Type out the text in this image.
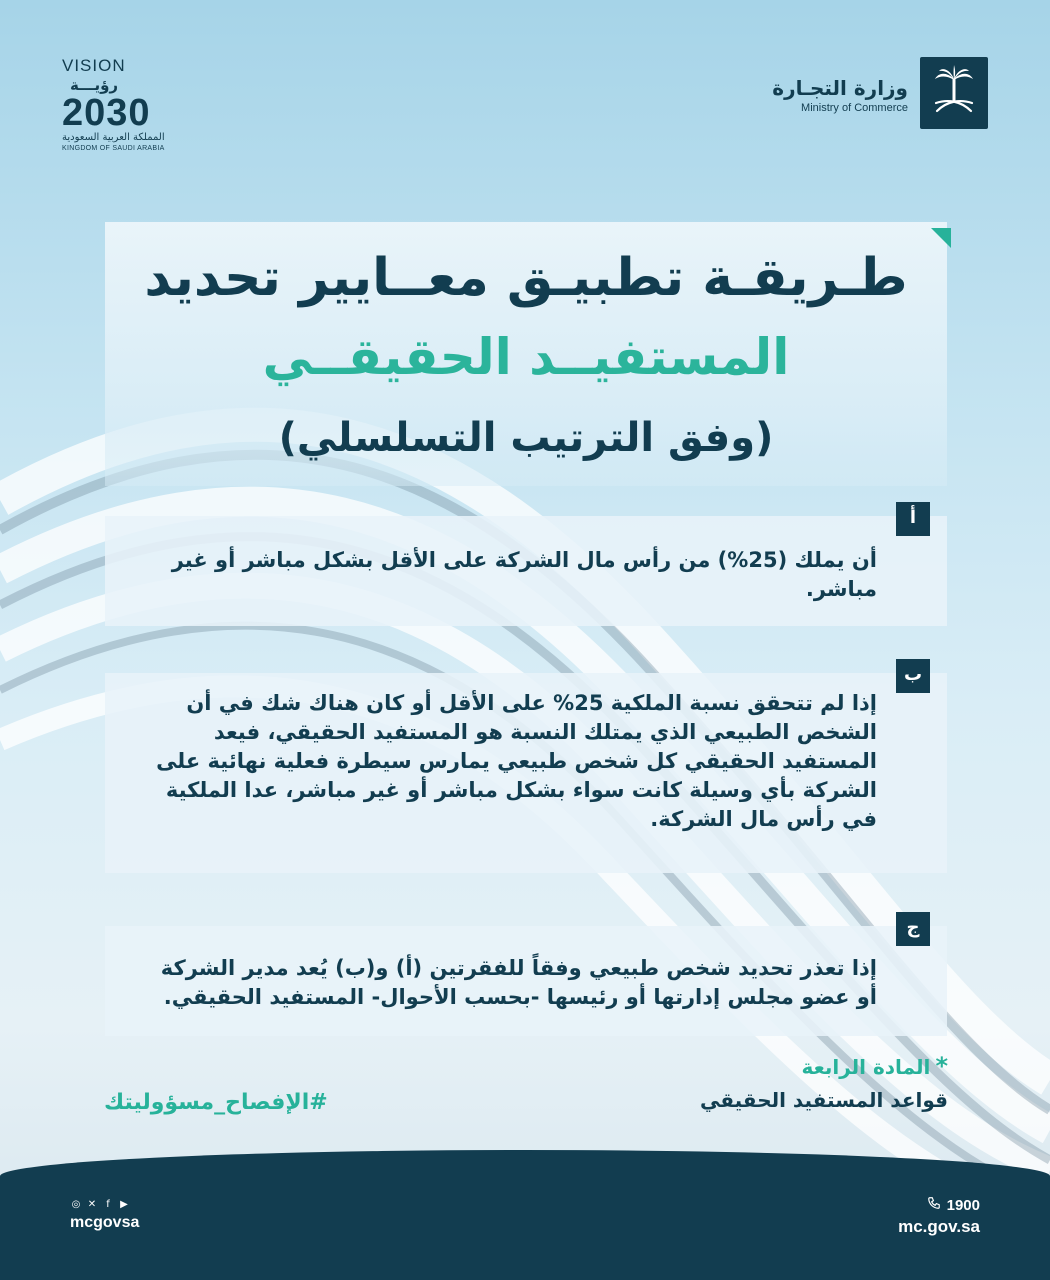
VISION رؤيـــة
2030
المملكة العربية السعودية
KINGDOM OF SAUDI ARABIA
وزارة التجـارة
Ministry of Commerce
طـريقـة تطبيـق معــايير تحديد
المستفيــد الحقيقــي
(وفق الترتيب التسلسلي)
أن يملك (25%) من رأس مال الشركة على الأقل بشكل مباشر أو غير مباشر.
أ
إذا لم تتحقق نسبة الملكية 25% على الأقل أو كان هناك شك في أن الشخص الطبيعي الذي يمتلك النسبة هو المستفيد الحقيقي، فيعد المستفيد الحقيقي كل شخص طبيعي يمارس سيطرة فعلية نهائية على الشركة بأي وسيلة كانت سواء بشكل مباشر أو غير مباشر، عدا الملكية في رأس مال الشركة.
ب
إذا تعذر تحديد شخص طبيعي وفقاً للفقرتين (أ) و(ب) يُعد مدير الشركة أو عضو مجلس إدارتها أو رئيسها -بحسب الأحوال- المستفيد الحقيقي.
ج
* المادة الرابعة
قواعد المستفيد الحقيقي
#الإفصاح_مسؤوليتك
◎ ✕	f	▶
mcgovsa
1900
mc.gov.sa
